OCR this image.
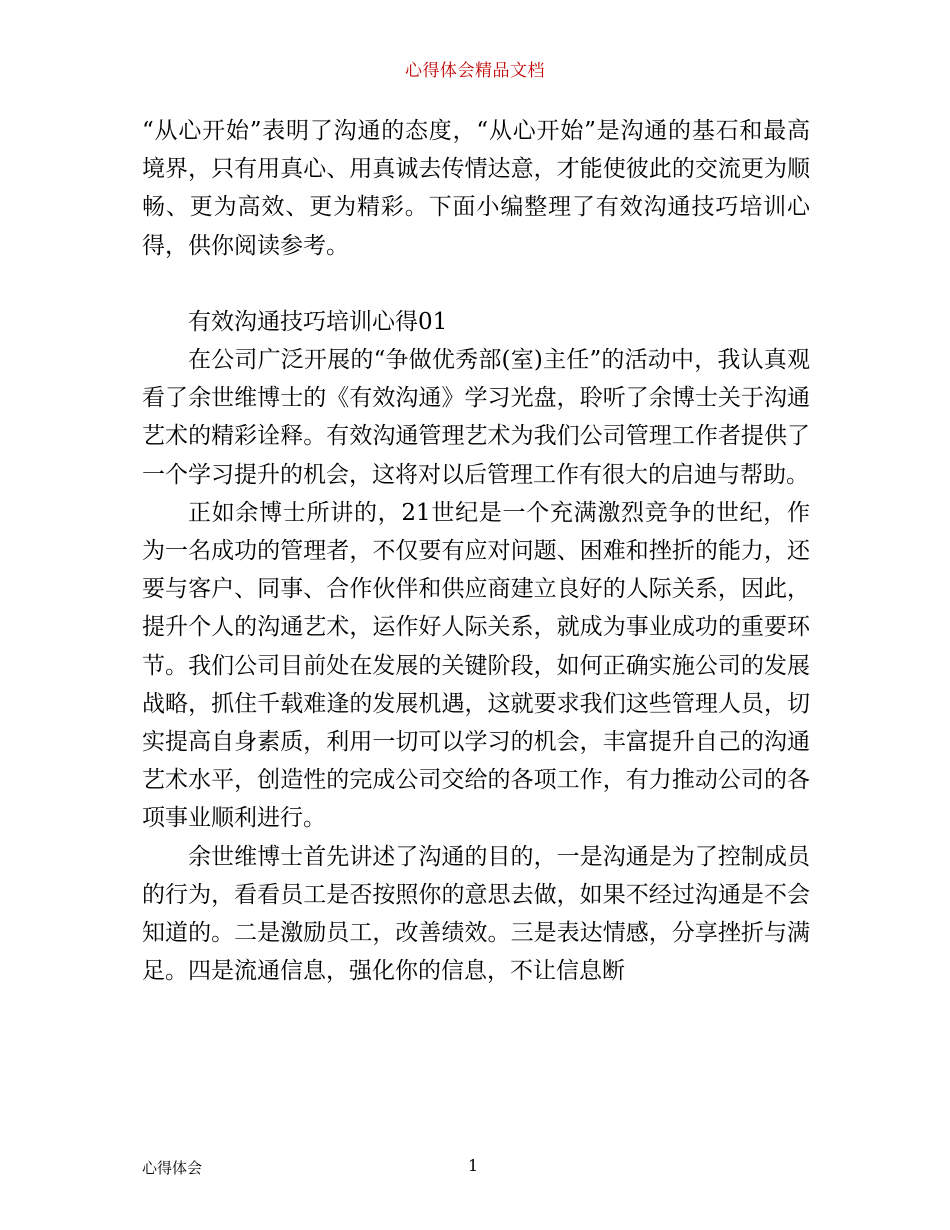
心得体会精品文档

“从心开始”表明了沟通的态度，“从心开始”是沟通的基石和最高境界，只有用真心、用真诚去传情达意，才能使彼此的交流更为顺畅、更为高效、更为精彩。下面小编整理了有效沟通技巧培训心得，供你阅读参考。

有效沟通技巧培训心得01

在公司广泛开展的“争做优秀部(室)主任”的活动中，我认真观看了余世维博士的《有效沟通》学习光盘，聆听了余博士关于沟通艺术的精彩诠释。有效沟通管理艺术为我们公司管理工作者提供了一个学习提升的机会，这将对以后管理工作有很大的启迪与帮助。

正如余博士所讲的，21世纪是一个充满激烈竞争的世纪，作为一名成功的管理者，不仅要有应对问题、困难和挫折的能力，还要与客户、同事、合作伙伴和供应商建立良好的人际关系，因此，提升个人的沟通艺术，运作好人际关系，就成为事业成功的重要环节。我们公司目前处在发展的关键阶段，如何正确实施公司的发展战略，抓住千载难逢的发展机遇，这就要求我们这些管理人员，切实提高自身素质，利用一切可以学习的机会，丰富提升自己的沟通艺术水平，创造性的完成公司交给的各项工作，有力推动公司的各项事业顺利进行。

余世维博士首先讲述了沟通的目的，一是沟通是为了控制成员的行为，看看员工是否按照你的意思去做，如果不经过沟通是不会知道的。二是激励员工，改善绩效。三是表达情感，分享挫折与满足。四是流通信息，强化你的信息，不让信息断

心得体会	1
